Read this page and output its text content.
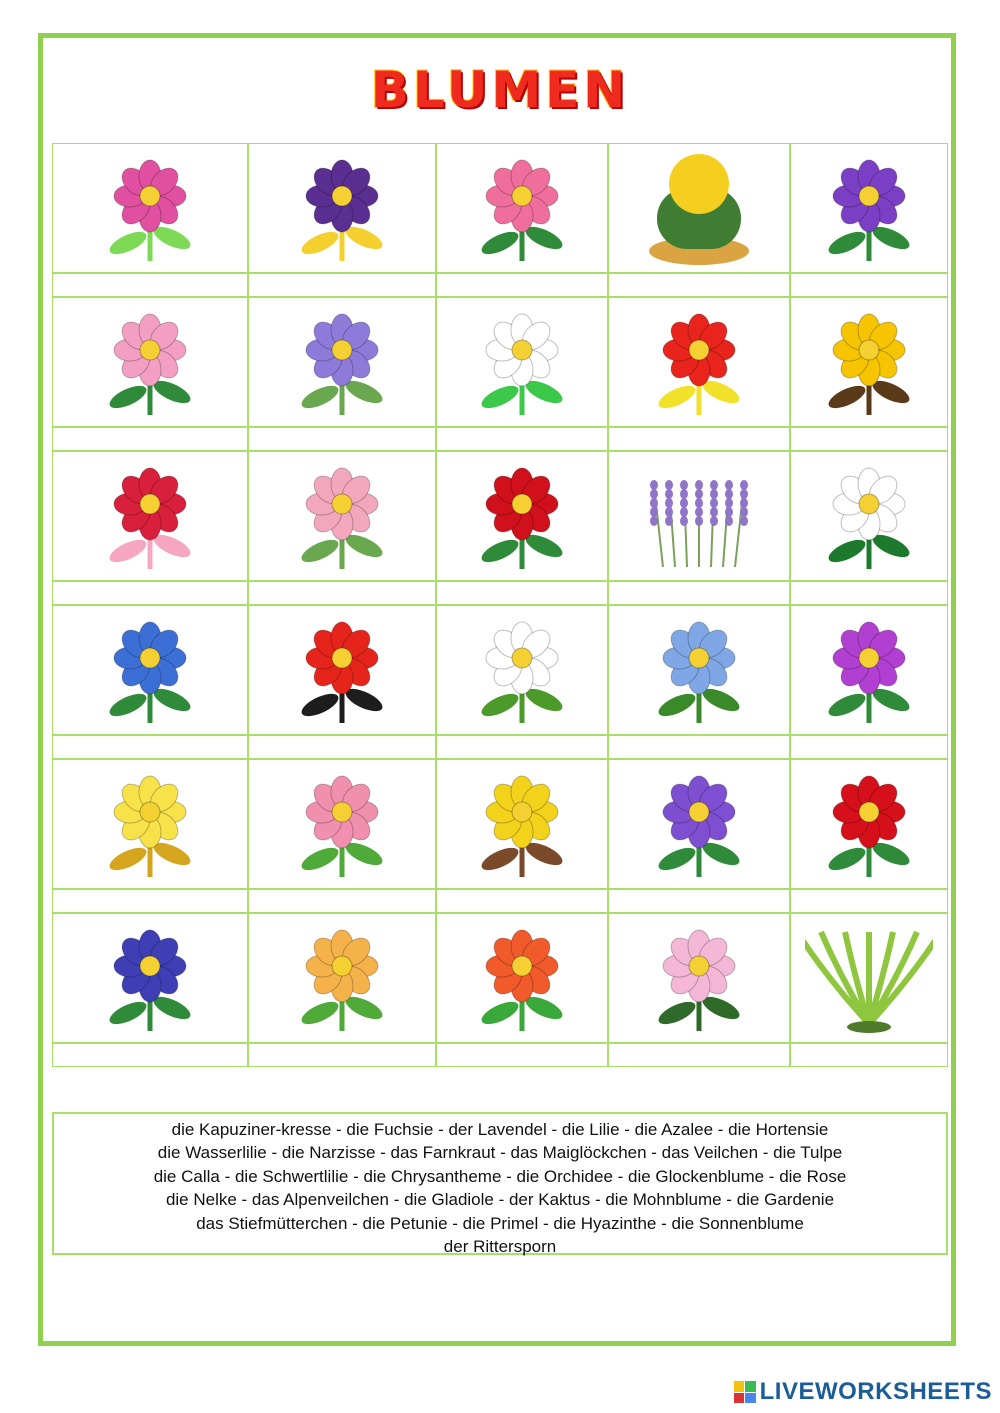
BLUMEN
die Kapuziner-kresse - die Fuchsie - der Lavendel - die Lilie - die Azalee - die Hortensie
die Wasserlilie - die Narzisse - das Farnkraut - das Maiglöckchen - das Veilchen - die Tulpe
die Calla - die Schwertlilie - die Chrysantheme - die Orchidee - die Glockenblume - die Rose
die Nelke - das Alpenveilchen - die Gladiole - der Kaktus - die Mohnblume - die Gardenie
das Stiefmütterchen - die Petunie - die Primel - die Hyazinthe - die Sonnenblume
der Rittersporn
LIVEWORKSHEETS
